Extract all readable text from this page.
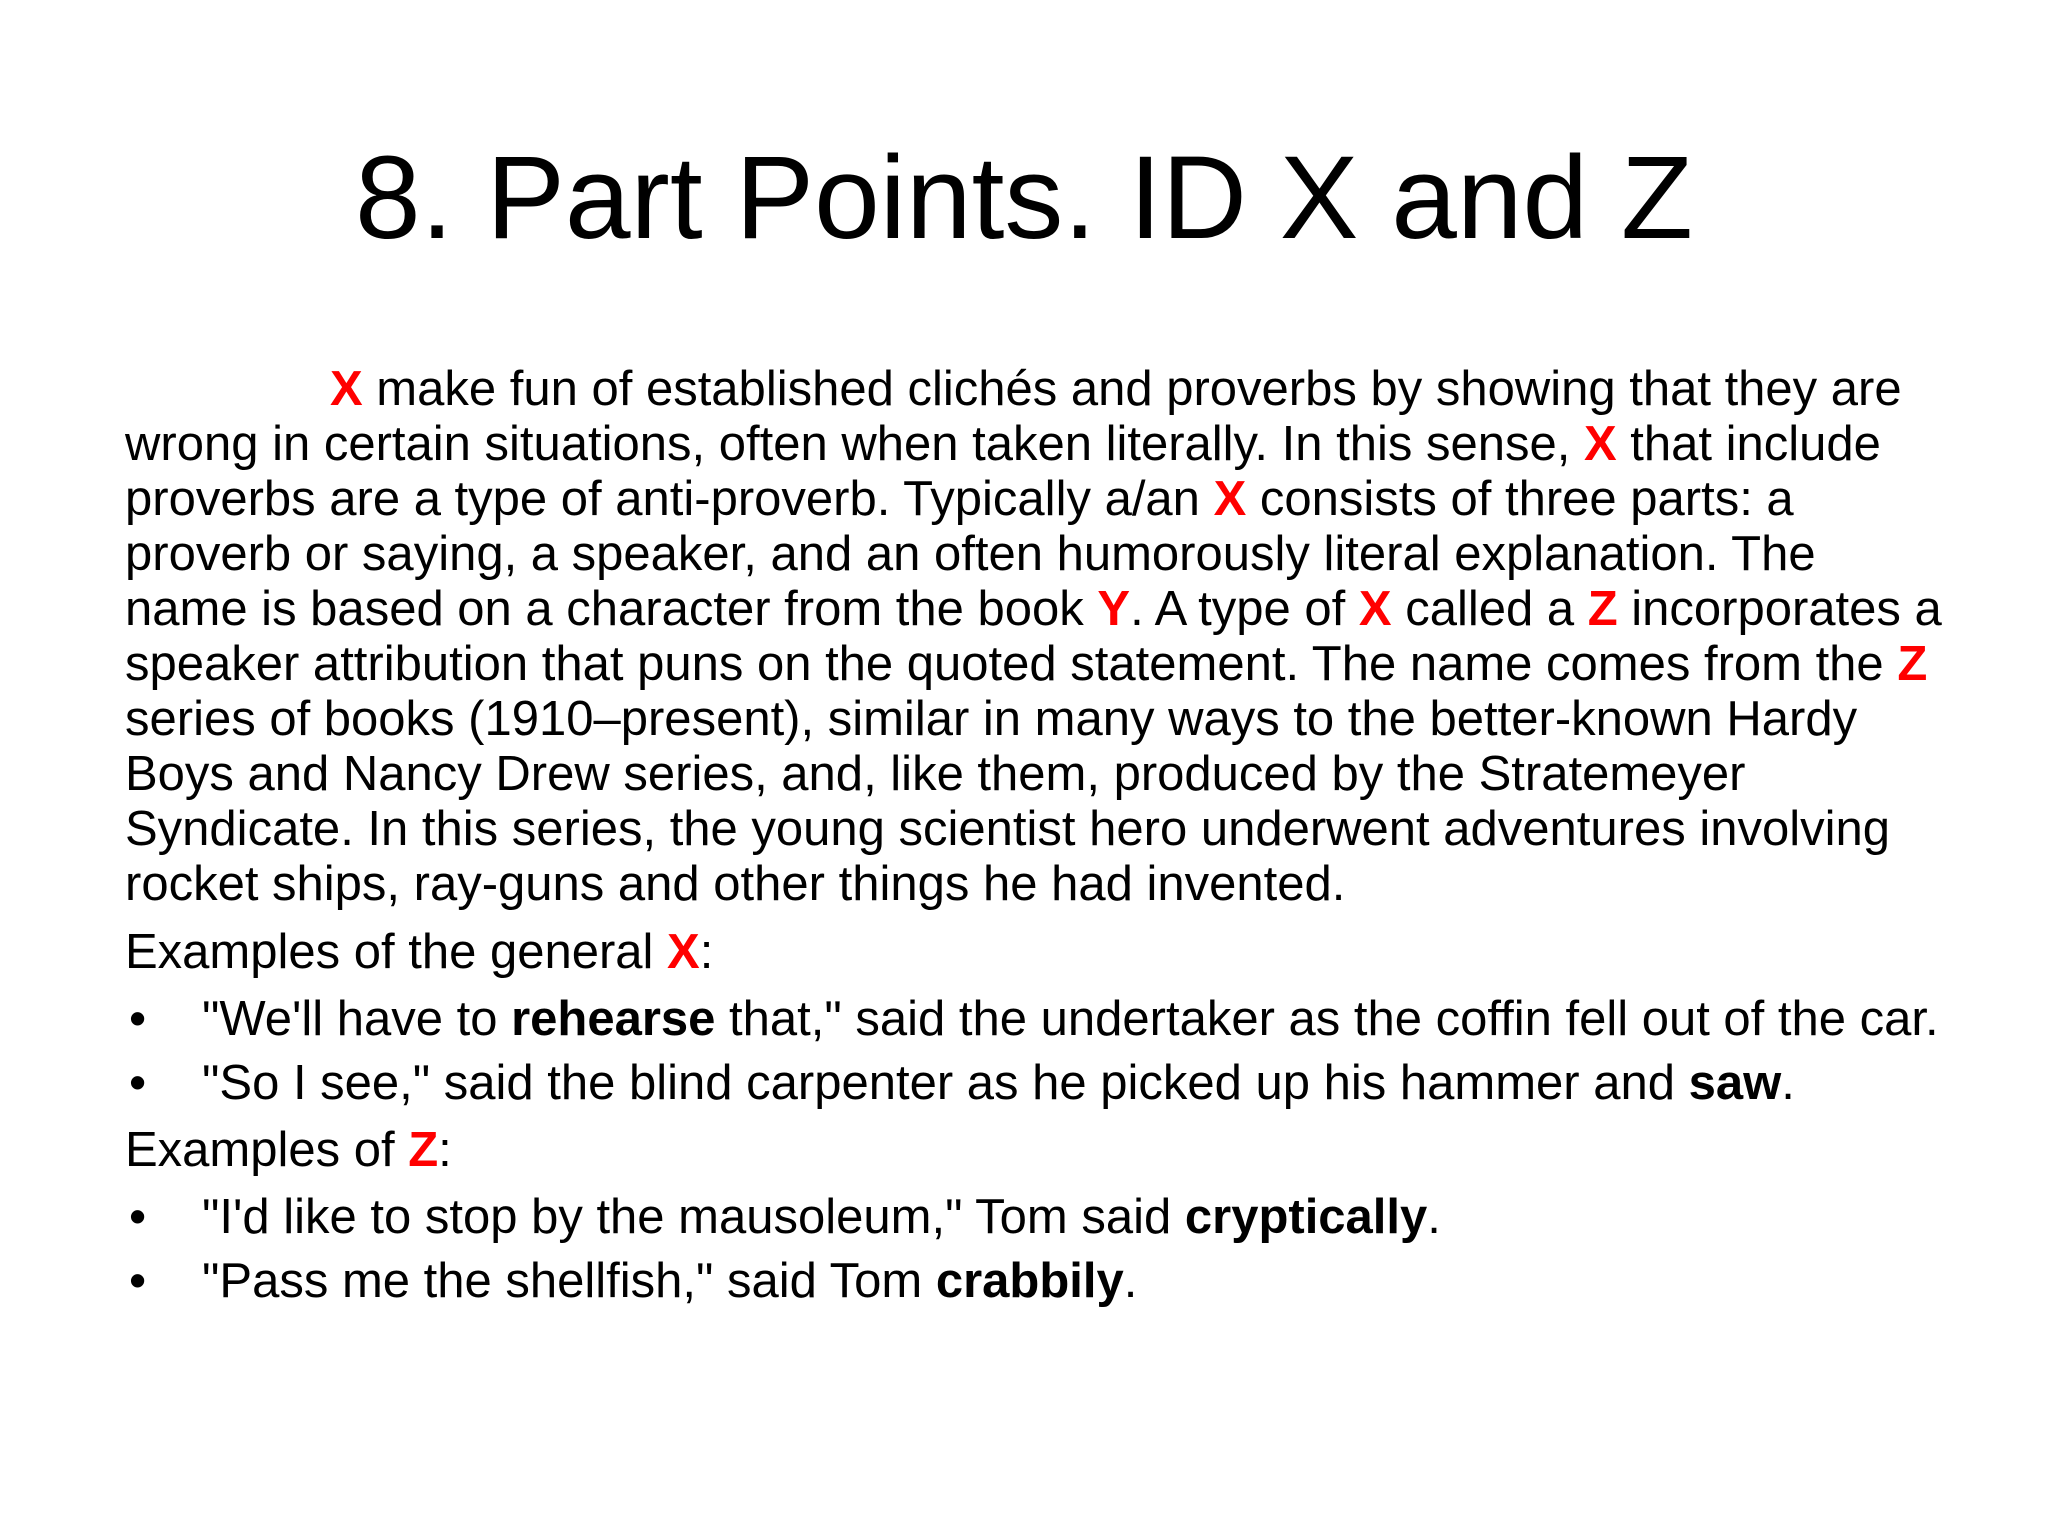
8. Part Points. ID X and Z

X make fun of established clichés and proverbs by showing that they are wrong in certain situations, often when taken literally. In this sense, X that include proverbs are a type of anti-proverb. Typically a/an X consists of three parts: a proverb or saying, a speaker, and an often humorously literal explanation. The name is based on a character from the book Y. A type of X called a Z incorporates a speaker attribution that puns on the quoted statement. The name comes from the Z series of books (1910–present), similar in many ways to the better-known Hardy Boys and Nancy Drew series, and, like them, produced by the Stratemeyer Syndicate. In this series, the young scientist hero underwent adventures involving rocket ships, ray-guns and other things he had invented.

Examples of the general X:
• "We'll have to rehearse that," said the undertaker as the coffin fell out of the car.
• "So I see," said the blind carpenter as he picked up his hammer and saw.
Examples of Z:
• "I'd like to stop by the mausoleum," Tom said cryptically.
• "Pass me the shellfish," said Tom crabbily.
